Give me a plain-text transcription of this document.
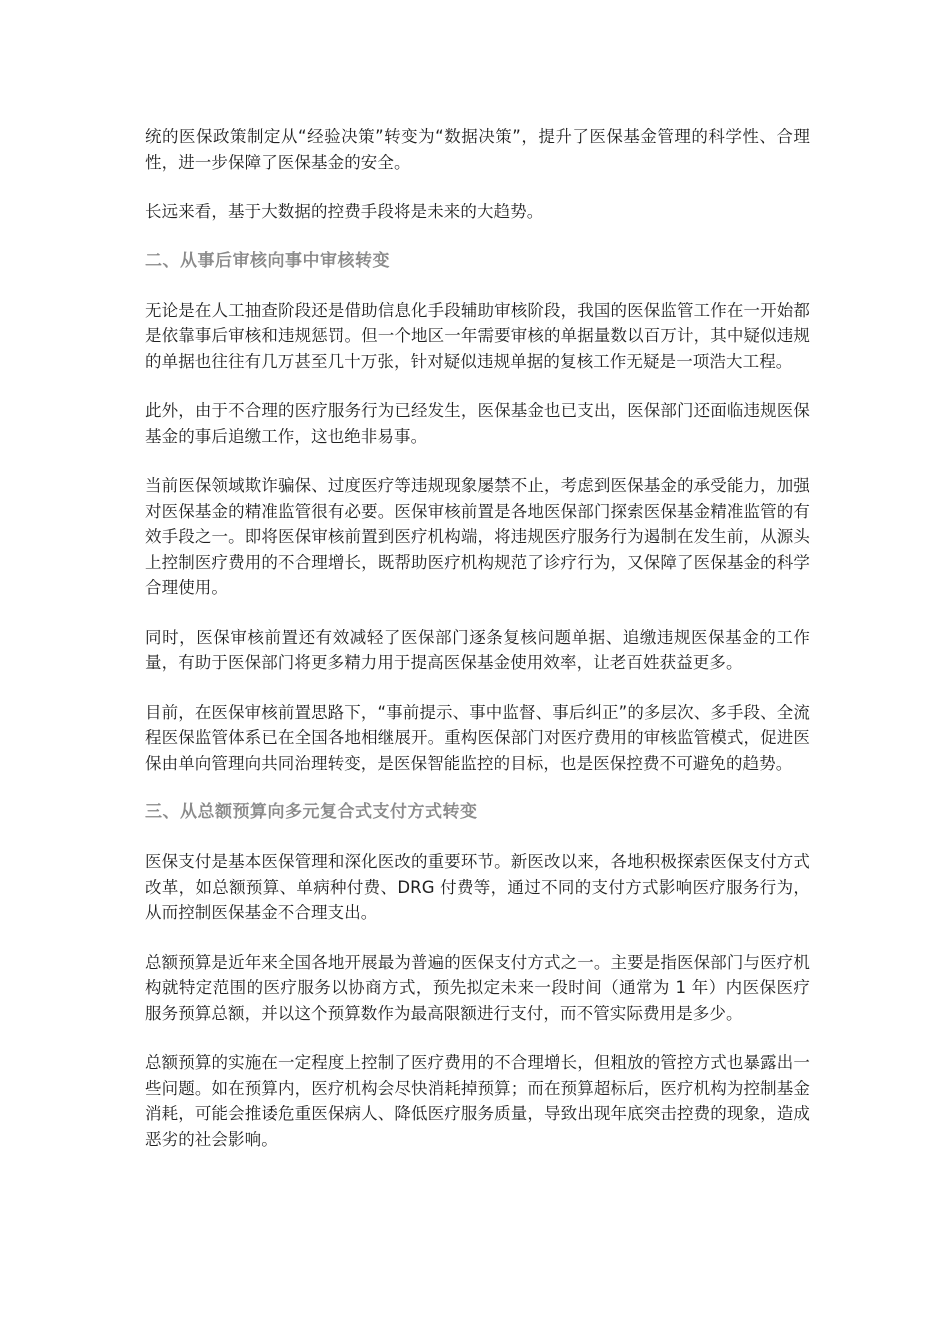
统的医保政策制定从“经验决策”转变为“数据决策”，提升了医保基金管理的科学性、合理性，进一步保障了医保基金的安全。

长远来看，基于大数据的控费手段将是未来的大趋势。

二、从事后审核向事中审核转变

无论是在人工抽查阶段还是借助信息化手段辅助审核阶段，我国的医保监管工作在一开始都是依靠事后审核和违规惩罚。但一个地区一年需要审核的单据量数以百万计，其中疑似违规的单据也往往有几万甚至几十万张，针对疑似违规单据的复核工作无疑是一项浩大工程。

此外，由于不合理的医疗服务行为已经发生，医保基金也已支出，医保部门还面临违规医保基金的事后追缴工作，这也绝非易事。

当前医保领域欺诈骗保、过度医疗等违规现象屡禁不止，考虑到医保基金的承受能力，加强对医保基金的精准监管很有必要。医保审核前置是各地医保部门探索医保基金精准监管的有效手段之一。即将医保审核前置到医疗机构端，将违规医疗服务行为遏制在发生前，从源头上控制医疗费用的不合理增长，既帮助医疗机构规范了诊疗行为，又保障了医保基金的科学合理使用。

同时，医保审核前置还有效减轻了医保部门逐条复核问题单据、追缴违规医保基金的工作量，有助于医保部门将更多精力用于提高医保基金使用效率，让老百姓获益更多。

目前，在医保审核前置思路下，“事前提示、事中监督、事后纠正”的多层次、多手段、全流程医保监管体系已在全国各地相继展开。重构医保部门对医疗费用的审核监管模式，促进医保由单向管理向共同治理转变，是医保智能监控的目标，也是医保控费不可避免的趋势。

三、从总额预算向多元复合式支付方式转变

医保支付是基本医保管理和深化医改的重要环节。新医改以来，各地积极探索医保支付方式改革，如总额预算、单病种付费、DRG 付费等，通过不同的支付方式影响医疗服务行为，从而控制医保基金不合理支出。

总额预算是近年来全国各地开展最为普遍的医保支付方式之一。主要是指医保部门与医疗机构就特定范围的医疗服务以协商方式，预先拟定未来一段时间（通常为 1 年）内医保医疗服务预算总额，并以这个预算数作为最高限额进行支付，而不管实际费用是多少。

总额预算的实施在一定程度上控制了医疗费用的不合理增长，但粗放的管控方式也暴露出一些问题。如在预算内，医疗机构会尽快消耗掉预算；而在预算超标后，医疗机构为控制基金消耗，可能会推诿危重医保病人、降低医疗服务质量，导致出现年底突击控费的现象，造成恶劣的社会影响。
